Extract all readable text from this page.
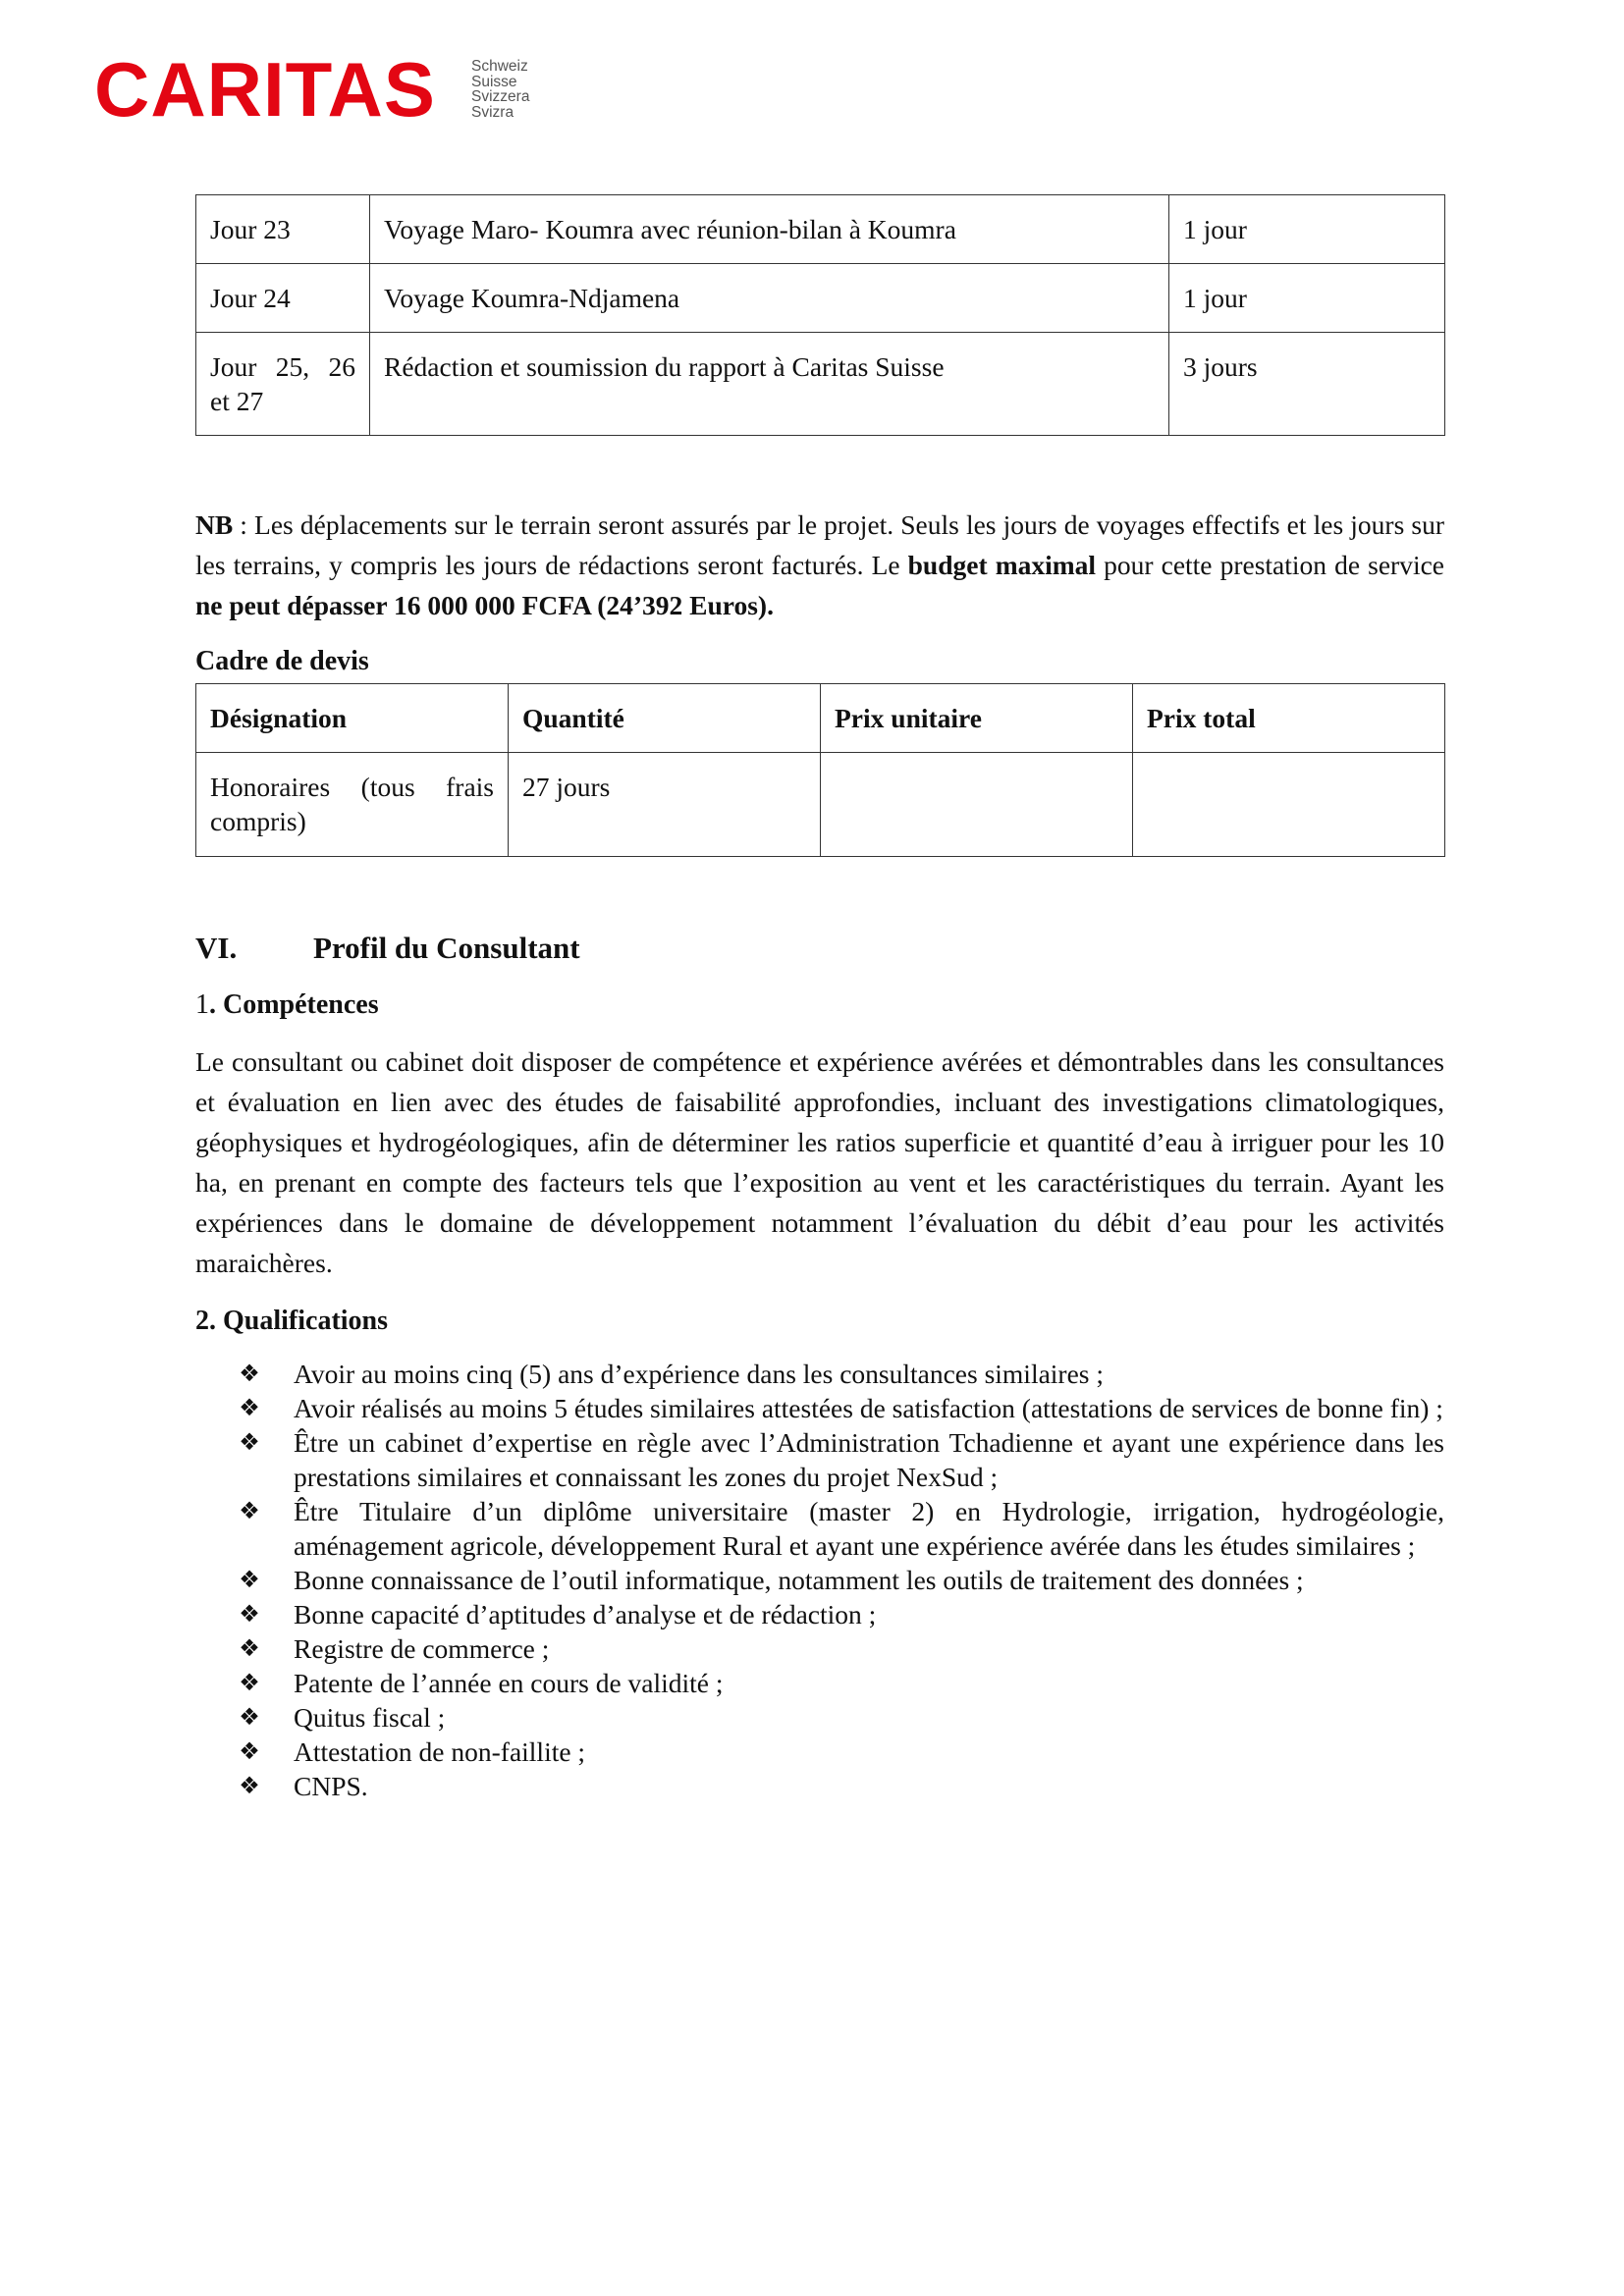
CARITAS Schweiz
Suisse
Svizzera
Svizra
Jour 23	Voyage Maro- Koumra avec réunion-bilan à Koumra	1 jour
Jour 24	Voyage Koumra-Ndjamena	1 jour
Jour 25, 26 et 27	Rédaction et soumission du rapport à Caritas Suisse	3 jours

NB : Les déplacements sur le terrain seront assurés par le projet. Seuls les jours de voyages effectifs et les jours sur les terrains, y compris les jours de rédactions seront facturés. Le budget maximal pour cette prestation de service ne peut dépasser 16 000 000 FCFA (24’392 Euros).

Cadre de devis
Désignation	Quantité	Prix unitaire	Prix total
Honoraires (tous frais compris)	27 jours		
VI.	Profil du Consultant
1. Compétences

Le consultant ou cabinet doit disposer de compétence et expérience avérées et démontrables dans les consultances et évaluation en lien avec des études de faisabilité approfondies, incluant des investigations climatologiques, géophysiques et hydrogéologiques, afin de déterminer les ratios superficie et quantité d’eau à irriguer pour les 10 ha, en prenant en compte des facteurs tels que l’exposition au vent et les caractéristiques du terrain. Ayant les expériences dans le domaine de développement notamment l’évaluation du débit d’eau pour les activités maraichères.

2. Qualifications
❖ Avoir au moins cinq (5) ans d’expérience dans les consultances similaires ;
❖ Avoir réalisés au moins 5 études similaires attestées de satisfaction (attestations de services de bonne fin) ;
❖ Être un cabinet d’expertise en règle avec l’Administration Tchadienne et ayant une expérience dans les prestations similaires et connaissant les zones du projet NexSud ;
❖ Être Titulaire d’un diplôme universitaire (master 2) en Hydrologie, irrigation, hydrogéologie, aménagement agricole, développement Rural et ayant une expérience avérée dans les études similaires ;
❖ Bonne connaissance de l’outil informatique, notamment les outils de traitement des données ;
❖ Bonne capacité d’aptitudes d’analyse et de rédaction ;
❖ Registre de commerce ;
❖ Patente de l’année en cours de validité ;
❖ Quitus fiscal ;
❖ Attestation de non-faillite ;
❖ CNPS.
